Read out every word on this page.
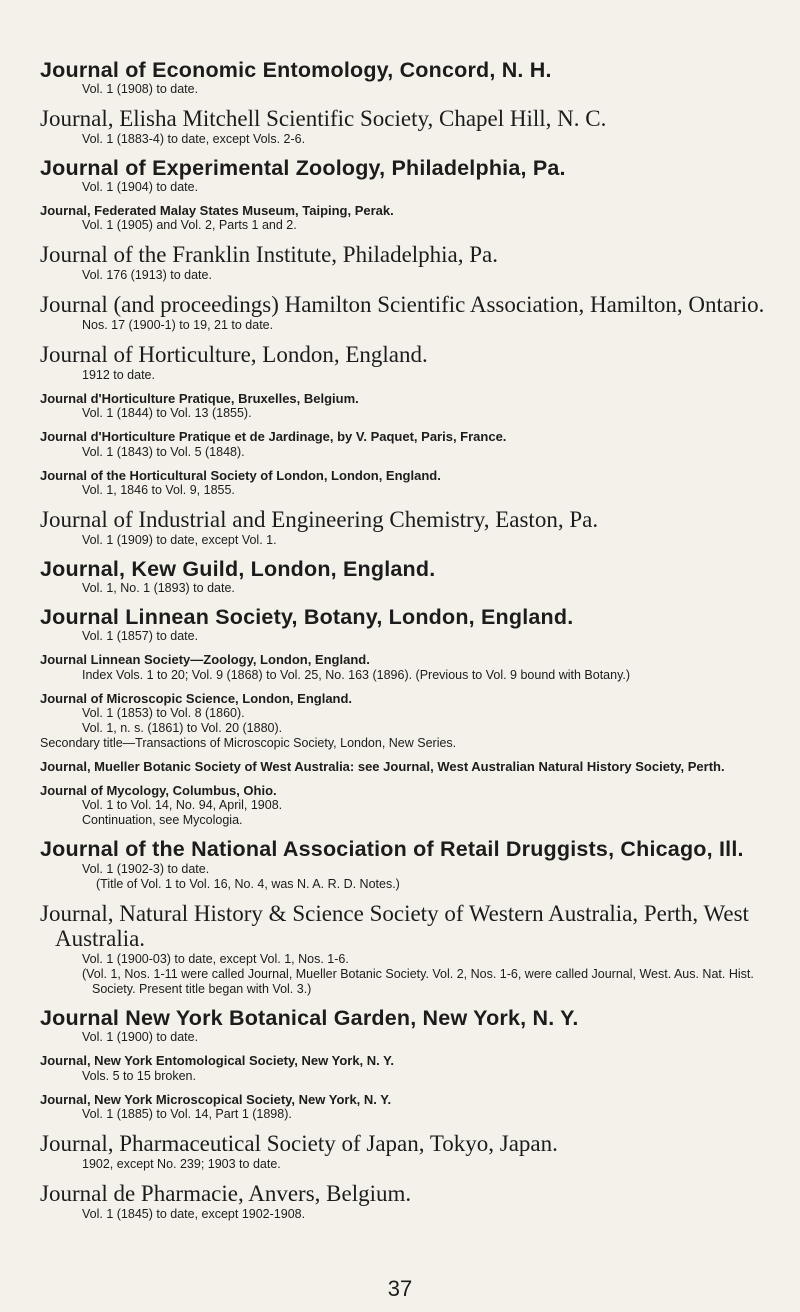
Journal of Economic Entomology, Concord, N. H.
Vol. 1 (1908) to date.
Journal, Elisha Mitchell Scientific Society, Chapel Hill, N. C.
Vol. 1 (1883-4) to date, except Vols. 2-6.
Journal of Experimental Zoology, Philadelphia, Pa.
Vol. 1 (1904) to date.
Journal, Federated Malay States Museum, Taiping, Perak.
Vol. 1 (1905) and Vol. 2, Parts 1 and 2.
Journal of the Franklin Institute, Philadelphia, Pa.
Vol. 176 (1913) to date.
Journal (and proceedings) Hamilton Scientific Association, Hamilton, Ontario.
Nos. 17 (1900-1) to 19, 21 to date.
Journal of Horticulture, London, England.
1912 to date.
Journal d'Horticulture Pratique, Bruxelles, Belgium.
Vol. 1 (1844) to Vol. 13 (1855).
Journal d'Horticulture Pratique et de Jardinage, by V. Paquet, Paris, France.
Vol. 1 (1843) to Vol. 5 (1848).
Journal of the Horticultural Society of London, London, England.
Vol. 1, 1846 to Vol. 9, 1855.
Journal of Industrial and Engineering Chemistry, Easton, Pa.
Vol. 1 (1909) to date, except Vol. 1.
Journal, Kew Guild, London, England.
Vol. 1, No. 1 (1893) to date.
Journal Linnean Society, Botany, London, England.
Vol. 1 (1857) to date.
Journal Linnean Society—Zoology, London, England.
Index Vols. 1 to 20; Vol. 9 (1868) to Vol. 25, No. 163 (1896). (Previous to Vol. 9 bound with Botany.)
Journal of Microscopic Science, London, England.
Vol. 1 (1853) to Vol. 8 (1860).
Vol. 1, n. s. (1861) to Vol. 20 (1880).
Secondary title—Transactions of Microscopic Society, London, New Series.
Journal, Mueller Botanic Society of West Australia: see Journal, West Australian Natural History Society, Perth.
Journal of Mycology, Columbus, Ohio.
Vol. 1 to Vol. 14, No. 94, April, 1908.
Continuation, see Mycologia.
Journal of the National Association of Retail Druggists, Chicago, Ill.
Vol. 1 (1902-3) to date.
(Title of Vol. 1 to Vol. 16, No. 4, was N. A. R. D. Notes.)
Journal, Natural History & Science Society of Western Australia, Perth, West Australia.
Vol. 1 (1900-03) to date, except Vol. 1, Nos. 1-6.
(Vol. 1, Nos. 1-11 were called Journal, Mueller Botanic Society. Vol. 2, Nos. 1-6, were called Journal, West. Aus. Nat. Hist. Society. Present title began with Vol. 3.)
Journal New York Botanical Garden, New York, N. Y.
Vol. 1 (1900) to date.
Journal, New York Entomological Society, New York, N. Y.
Vols. 5 to 15 broken.
Journal, New York Microscopical Society, New York, N. Y.
Vol. 1 (1885) to Vol. 14, Part 1 (1898).
Journal, Pharmaceutical Society of Japan, Tokyo, Japan.
1902, except No. 239; 1903 to date.
Journal de Pharmacie, Anvers, Belgium.
Vol. 1 (1845) to date, except 1902-1908.
37
